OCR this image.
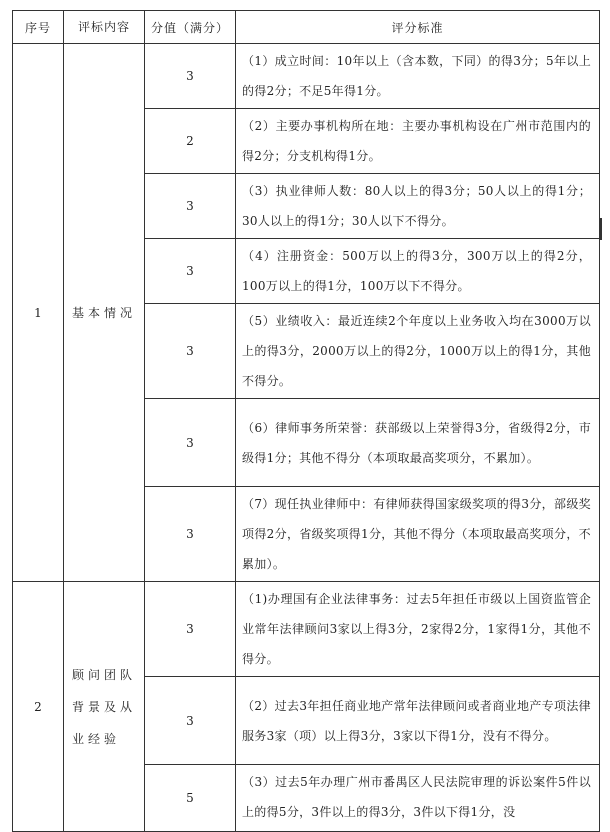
序号	评标内容	分值（满分）	评分标准
1	基本情况	3	（1）成立时间：10年以上（含本数，下同）的得3分；5年以上的得2分；不足5年得1分。
		2	（2）主要办事机构所在地：主要办事机构设在广州市范围内的得2分；分支机构得1分。
		3	（3）执业律师人数：80人以上的得3分；50人以上的得1分；30人以上的得1分；30人以下不得分。
		3	（4）注册资金：500万以上的得3分，300万以上的得2分，100万以上的得1分，100万以下不得分。
		3	（5）业绩收入：最近连续2个年度以上业务收入均在3000万以上的得3分，2000万以上的得2分，1000万以上的得1分，其他不得分。
		3	（6）律师事务所荣誉：获部级以上荣誉得3分，省级得2分，市级得1分；其他不得分（本项取最高奖项分，不累加）。
		3	（7）现任执业律师中：有律师获得国家级奖项的得3分，部级奖项得2分，省级奖项得1分，其他不得分（本项取最高奖项分，不累加）。
2	顾问团队背景及从业经验	3	（1)办理国有企业法律事务：过去5年担任市级以上国资监管企业常年法律顾问3家以上得3分，2家得2分，1家得1分，其他不得分。
		3	（2）过去3年担任商业地产常年法律顾问或者商业地产专项法律服务3家（项）以上得3分，3家以下得1分，没有不得分。
		5	（3）过去5年办理广州市番禺区人民法院审理的诉讼案件5件以上的得5分，3件以上的得3分，3件以下得1分，没
